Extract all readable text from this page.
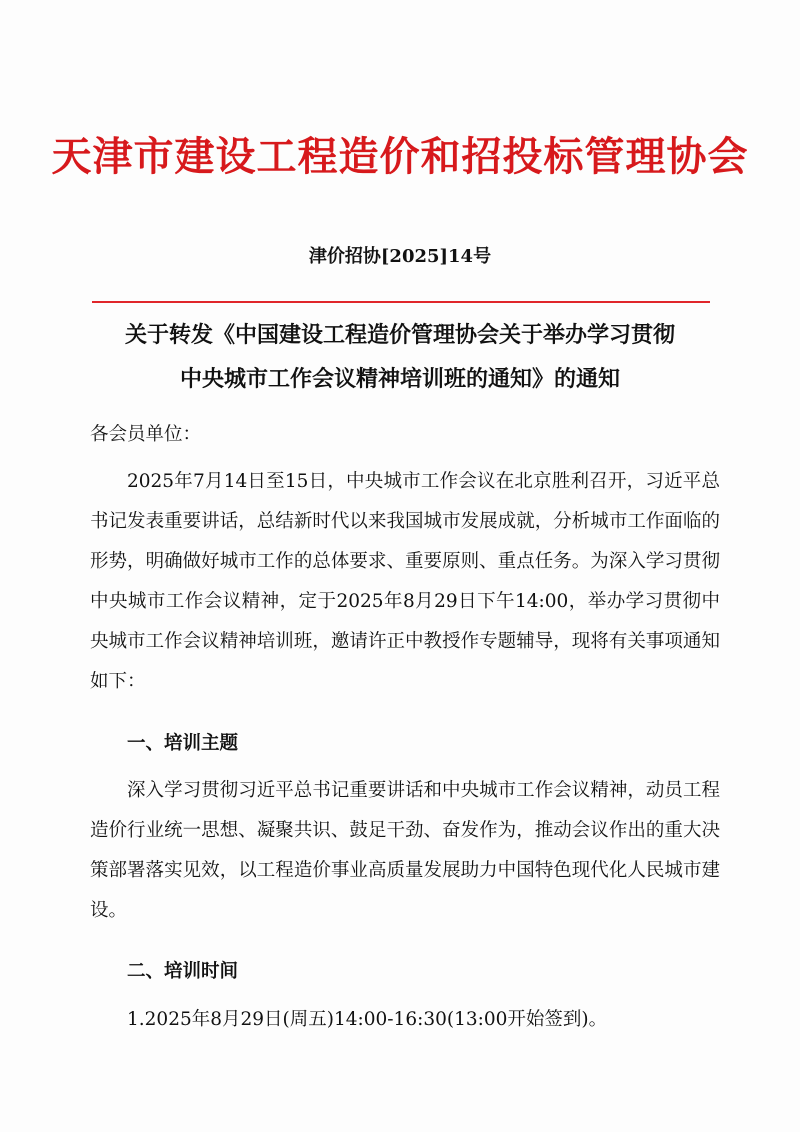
天津市建设工程造价和招投标管理协会
津价招协[2025]14号
关于转发《中国建设工程造价管理协会关于举办学习贯彻
中央城市工作会议精神培训班的通知》的通知
各会员单位：
2025年7月14日至15日，中央城市工作会议在北京胜利召开，习近平总书记发表重要讲话，总结新时代以来我国城市发展成就，分析城市工作面临的形势，明确做好城市工作的总体要求、重要原则、重点任务。为深入学习贯彻中央城市工作会议精神，定于2025年8月29日下午14:00，举办学习贯彻中央城市工作会议精神培训班，邀请许正中教授作专题辅导，现将有关事项通知如下：
一、培训主题
深入学习贯彻习近平总书记重要讲话和中央城市工作会议精神，动员工程造价行业统一思想、凝聚共识、鼓足干劲、奋发作为，推动会议作出的重大决策部署落实见效，以工程造价事业高质量发展助力中国特色现代化人民城市建设。
二、培训时间
1.2025年8月29日(周五)14:00-16:30(13:00开始签到)。
